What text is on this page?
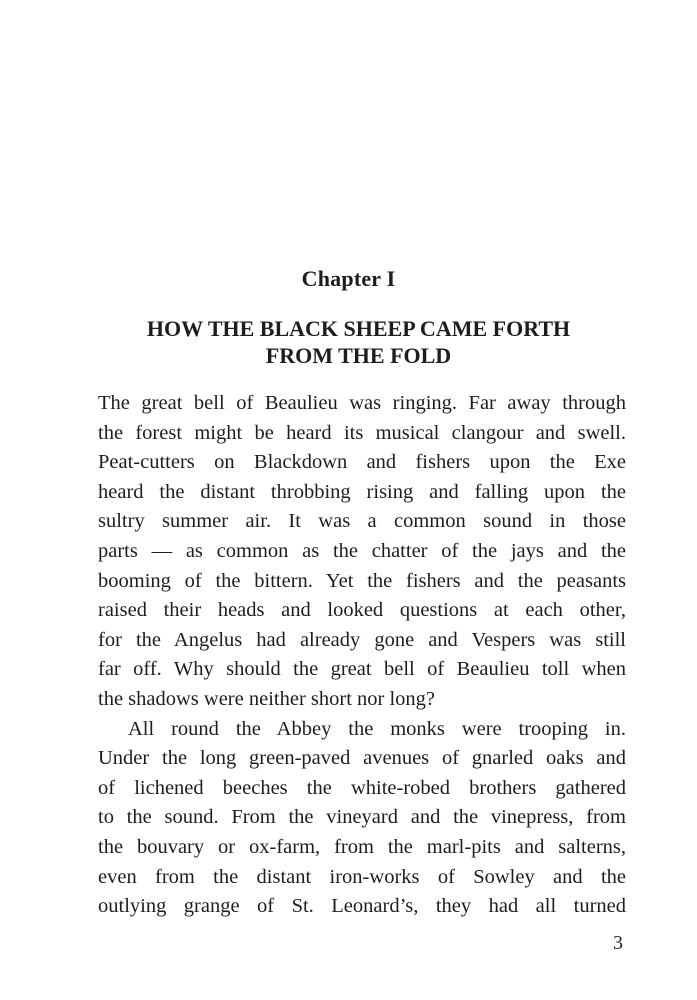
Chapter I
HOW THE BLACK SHEEP CAME FORTH
FROM THE FOLD
The great bell of Beaulieu was ringing. Far away through
the forest might be heard its musical clangour and swell.
Peat-cutters on Blackdown and fishers upon the Exe
heard the distant throbbing rising and falling upon the
sultry summer air. It was a common sound in those
parts — as common as the chatter of the jays and the
booming of the bittern. Yet the fishers and the peasants
raised their heads and looked questions at each other,
for the Angelus had already gone and Vespers was still
far off. Why should the great bell of Beaulieu toll when
the shadows were neither short nor long?
All round the Abbey the monks were trooping in.
Under the long green-paved avenues of gnarled oaks and
of lichened beeches the white-robed brothers gathered
to the sound. From the vineyard and the vinepress, from
the bouvary or ox-farm, from the marl-pits and salterns,
even from the distant iron-works of Sowley and the
outlying grange of St. Leonard’s, they had all turned
3
